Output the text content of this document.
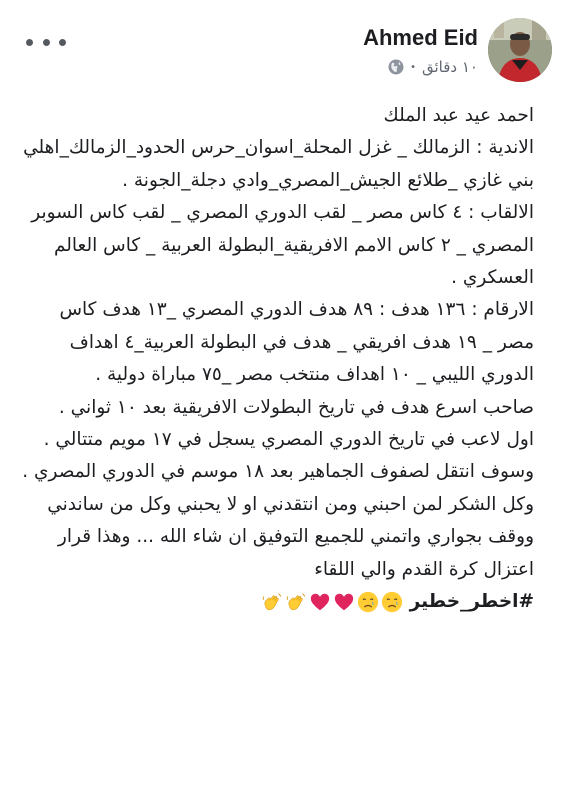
Ahmed Eid
١٠ دقائق
•

احمد عيد عبد الملك

الاندية : الزمالك _ غزل المحلة_اسوان_حرس الحدود_الزمالك_اهلي بني غازي _طلائع الجيش_المصري_وادي دجلة_الجونة .

الالقاب : ٤ كاس مصر _ لقب الدوري المصري _ لقب كاس السوبر المصري _ ٢ كاس الامم الافريقية_البطولة العربية _ كاس العالم العسكري .

الارقام : ١٣٦ هدف : ٨٩ هدف الدوري المصري _١٣ هدف كاس مصر _ ١٩ هدف افريقي _ هدف في البطولة العربية_٤ اهداف الدوري الليبي _ ١٠ اهداف منتخب مصر _٧٥ مباراة دولية .

صاحب اسرع هدف في تاريخ البطولات الافريقية بعد ١٠ ثواني .

اول لاعب في تاريخ الدوري المصري يسجل في ١٧ مويم متتالي .

وسوف انتقل لصفوف الجماهير بعد ١٨ موسم في الدوري المصري .

وكل الشكر لمن احبني ومن انتقدني او لا يحبني وكل من ساندني ووقف بجواري واتمني للجميع التوفيق ان شاء الله ... وهذا قرار اعتزال كرة القدم والي اللقاء

#اخطر_خطير
